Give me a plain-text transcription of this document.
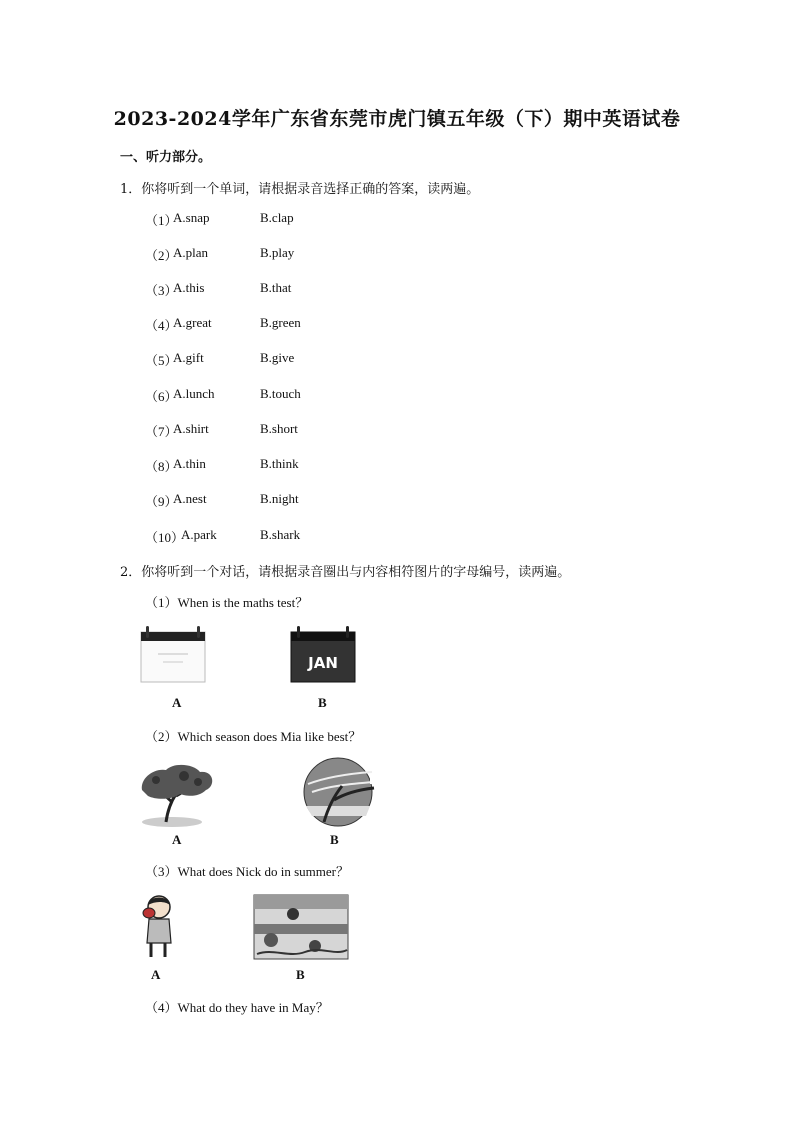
2023-2024学年广东省东莞市虎门镇五年级（下）期中英语试卷
一、听力部分。
1．你将听到一个单词，请根据录音选择正确的答案，读两遍。
（1）
A.snap	B.clap
（2）
A.plan	B.play
（3）
A.this	B.that
（4）
A.great	B.green
（5）
A.gift	B.give
（6）
A.lunch	B.touch
（7）
A.shirt	B.short
（8）
A.thin	B.think
（9）
A.nest	B.night
（10）
A.park	B.shark
2．你将听到一个对话，请根据录音圈出与内容相符图片的字母编号，读两遍。
（1）When is the maths test？
A
JAN
B
（2）Which season does Mia like best？
A	B
（3）What does Nick do in summer？
A	B
（4）What do they have in May？
